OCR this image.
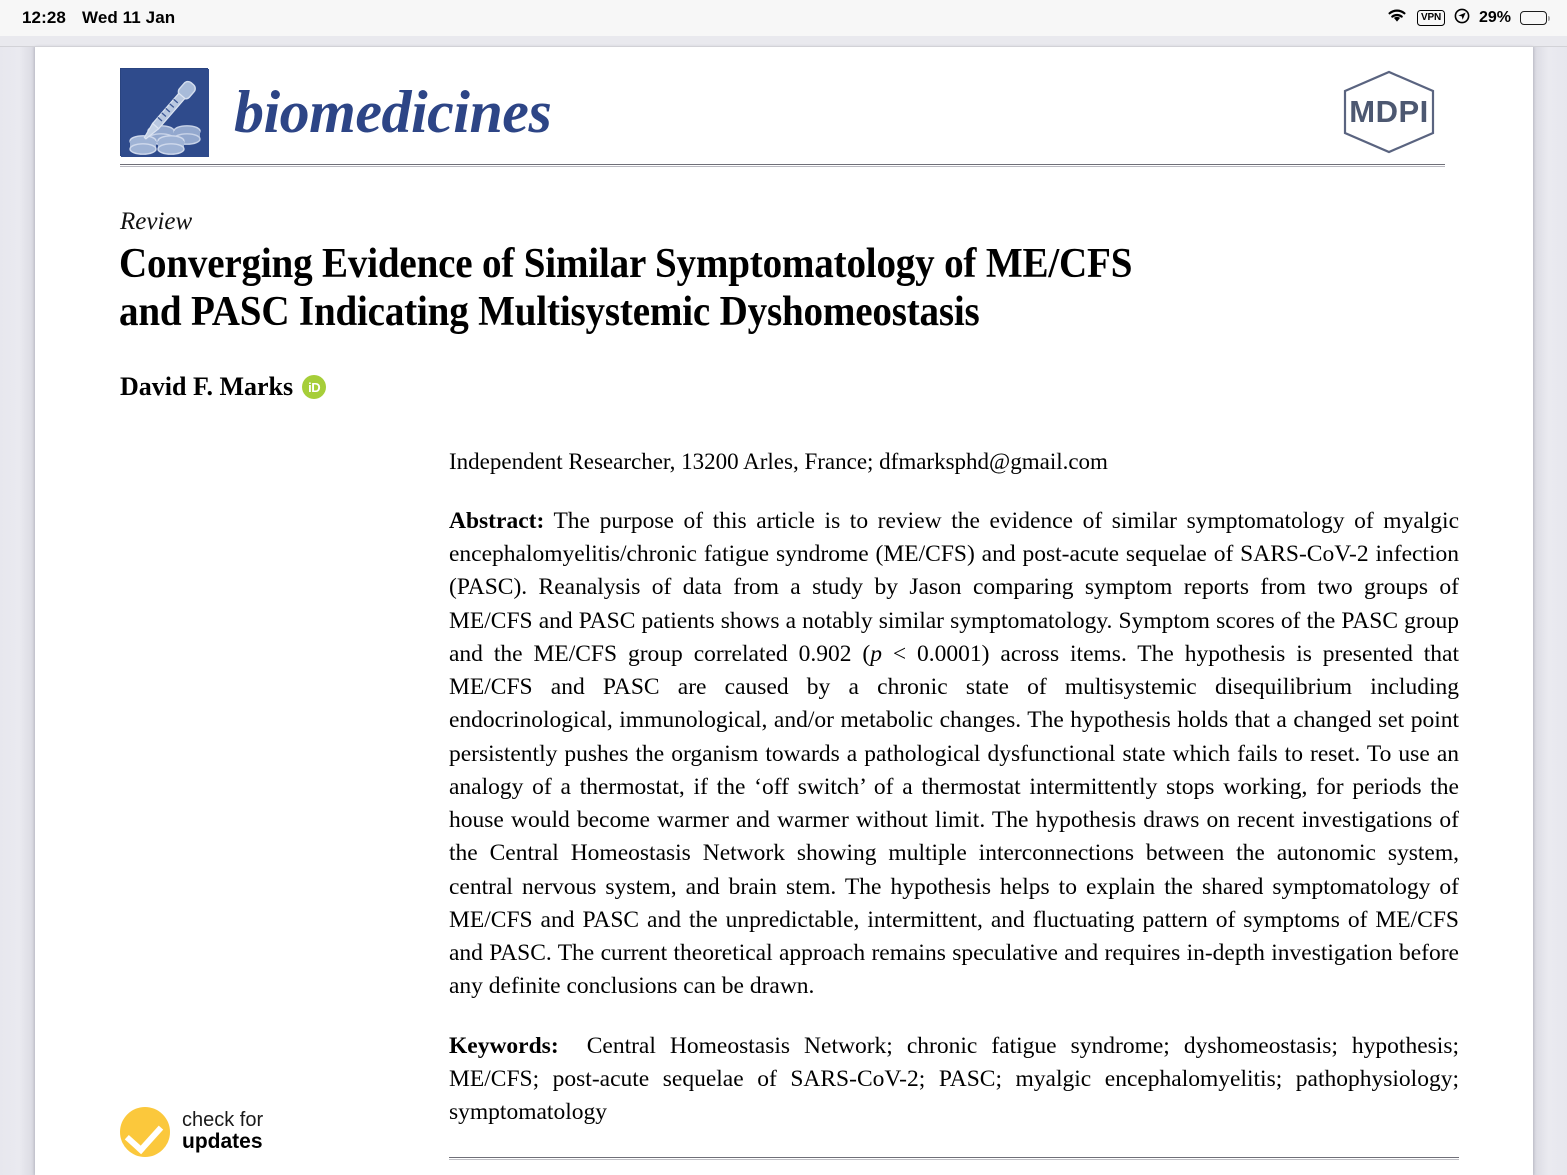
biomedicines	MDPI
Review
Converging Evidence of Similar Symptomatology of ME/CFS
and PASC Indicating Multisystemic Dyshomeostasis
David F. Marks	iD
Independent Researcher, 13200 Arles, France; dfmarksphd@gmail.com
Abstract: The purpose of this article is to review the evidence of similar symptomatology of myalgic encephalomyelitis/chronic fatigue syndrome (ME/CFS) and post-acute sequelae of SARS-CoV-2 infection (PASC). Reanalysis of data from a study by Jason comparing symptom reports from two groups of ME/CFS and PASC patients shows a notably similar symptomatology. Symptom scores of the PASC group and the ME/CFS group correlated 0.902 (p < 0.0001) across items. The hypothesis is presented that ME/CFS and PASC are caused by a chronic state of multisystemic disequilibrium including endocrinological, immunological, and/or metabolic changes. The hypothesis holds that a changed set point persistently pushes the organism towards a pathological dysfunctional state which fails to reset. To use an analogy of a thermostat, if the ‘off switch’ of a thermostat intermittently stops working, for periods the house would become warmer and warmer without limit. The hypothesis draws on recent investigations of the Central Homeostasis Network showing multiple interconnections between the autonomic system, central nervous system, and brain stem. The hypothesis helps to explain the shared symptomatology of ME/CFS and PASC and the unpredictable, intermittent, and fluctuating pattern of symptoms of ME/CFS and PASC. The current theoretical approach remains speculative and requires in-depth investigation before any definite conclusions can be drawn.
Keywords: Central Homeostasis Network; chronic fatigue syndrome; dyshomeostasis; hypothesis; ME/CFS; post-acute sequelae of SARS-CoV-2; PASC; myalgic encephalomyelitis; pathophysiology; symptomatology
check for
updates
12:28 Wed 11 Jan	VPN 29%
